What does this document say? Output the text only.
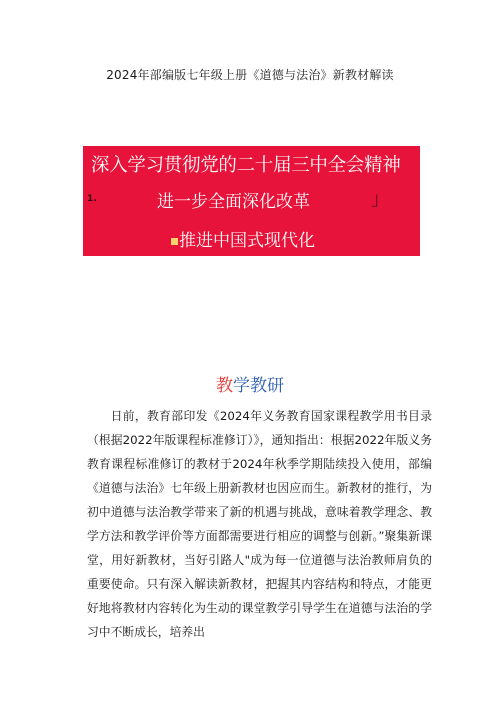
2024年部编版七年级上册《道德与法治》新教材解读
深入学习贯彻党的二十届三中全会精神
1.	进一步全面深化改革	」
推进中国式现代化
教学教研
日前，教育部印发《2024年义务教育国家课程教学用书目录（根据2022年版课程标准修订）》，通知指出：根据2022年版义务教育课程标准修订的教材于2024年秋季学期陆续投入使用，部编《道德与法治》七年级上册新教材也因应而生。新教材的推行，为初中道德与法治教学带来了新的机遇与挑战，意味着教学理念、教学方法和教学评价等方面都需要进行相应的调整与创新。”聚集新课堂，用好新教材，当好引路人"成为每一位道德与法治教师肩负的重要使命。只有深入解读新教材，把握其内容结构和特点，才能更好地将教材内容转化为生动的课堂教学引导学生在道德与法治的学习中不断成长，培养出
